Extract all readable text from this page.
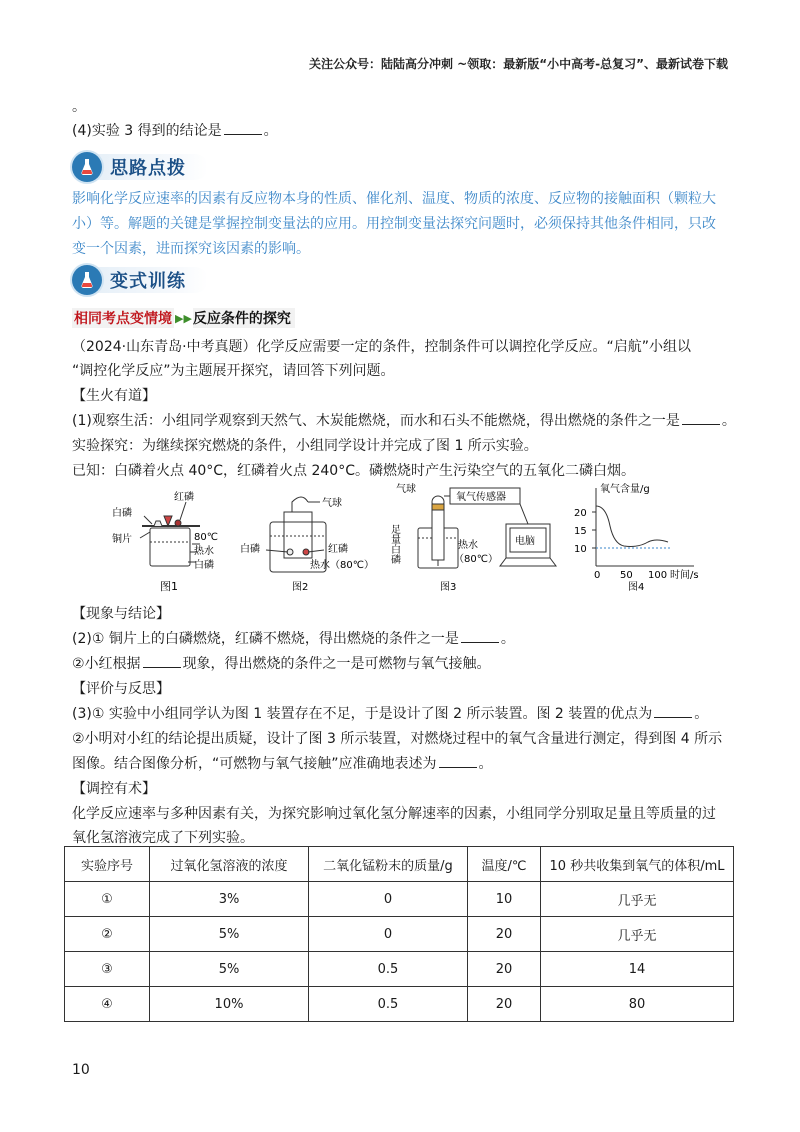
关注公众号：陆陆高分冲刺 ~领取：最新版“小中高考-总复习”、最新试卷下载
。
(4)实验 3 得到的结论是	。
思路点拨
影响化学反应速率的因素有反应物本身的性质、催化剂、温度、物质的浓度、反应物的接触面积（颗粒大小）等。解题的关键是掌握控制变量法的应用。用控制变量法探究问题时，必须保持其他条件相同，只改变一个因素，进而探究该因素的影响。
变式训练
相同考点变情境 ▶▶ 反应条件的探究
（2024·山东青岛·中考真题）化学反应需要一定的条件，控制条件可以调控化学反应。“启航”小组以
“调控化学反应”为主题展开探究，请回答下列问题。
【生火有道】
(1)观察生活：小组同学观察到天然气、木炭能燃烧，而水和石头不能燃烧，得出燃烧的条件之一是	。
实验探究：为继续探究燃烧的条件，小组同学设计并完成了图 1 所示实验。
已知：白磷着火点 40°C，红磷着火点 240°C。磷燃烧时产生污染空气的五氧化二磷白烟。
红磷
白磷
80℃
铜片
热水
白磷
图1
气球
白磷	红磷
热水（80℃）
图2
气球
氧气传感器
足量白磷	热水
（80℃）
电脑
图3
氧气含量/g
20
15
10
0 50 100 时间/s
图4
【现象与结论】
(2)① 铜片上的白磷燃烧，红磷不燃烧，得出燃烧的条件之一是	。
②小红根据	现象，得出燃烧的条件之一是可燃物与氧气接触。
【评价与反思】
(3)① 实验中小组同学认为图 1 装置存在不足，于是设计了图 2 所示装置。图 2 装置的优点为	。
②小明对小红的结论提出质疑，设计了图 3 所示装置，对燃烧过程中的氧气含量进行测定，得到图 4 所示
图像。结合图像分析，“可燃物与氧气接触”应准确地表述为	。
【调控有术】
化学反应速率与多种因素有关，为探究影响过氧化氢分解速率的因素，小组同学分别取足量且等质量的过
氧化氢溶液完成了下列实验。
实验序号	过氧化氢溶液的浓度	二氧化锰粉末的质量/g	温度/℃	10 秒共收集到氧气的体积/mL
①	3%	0	10	几乎无
②	5%	0	20	几乎无
③	5%	0.5	20	14
④	10%	0.5	20	80
10
